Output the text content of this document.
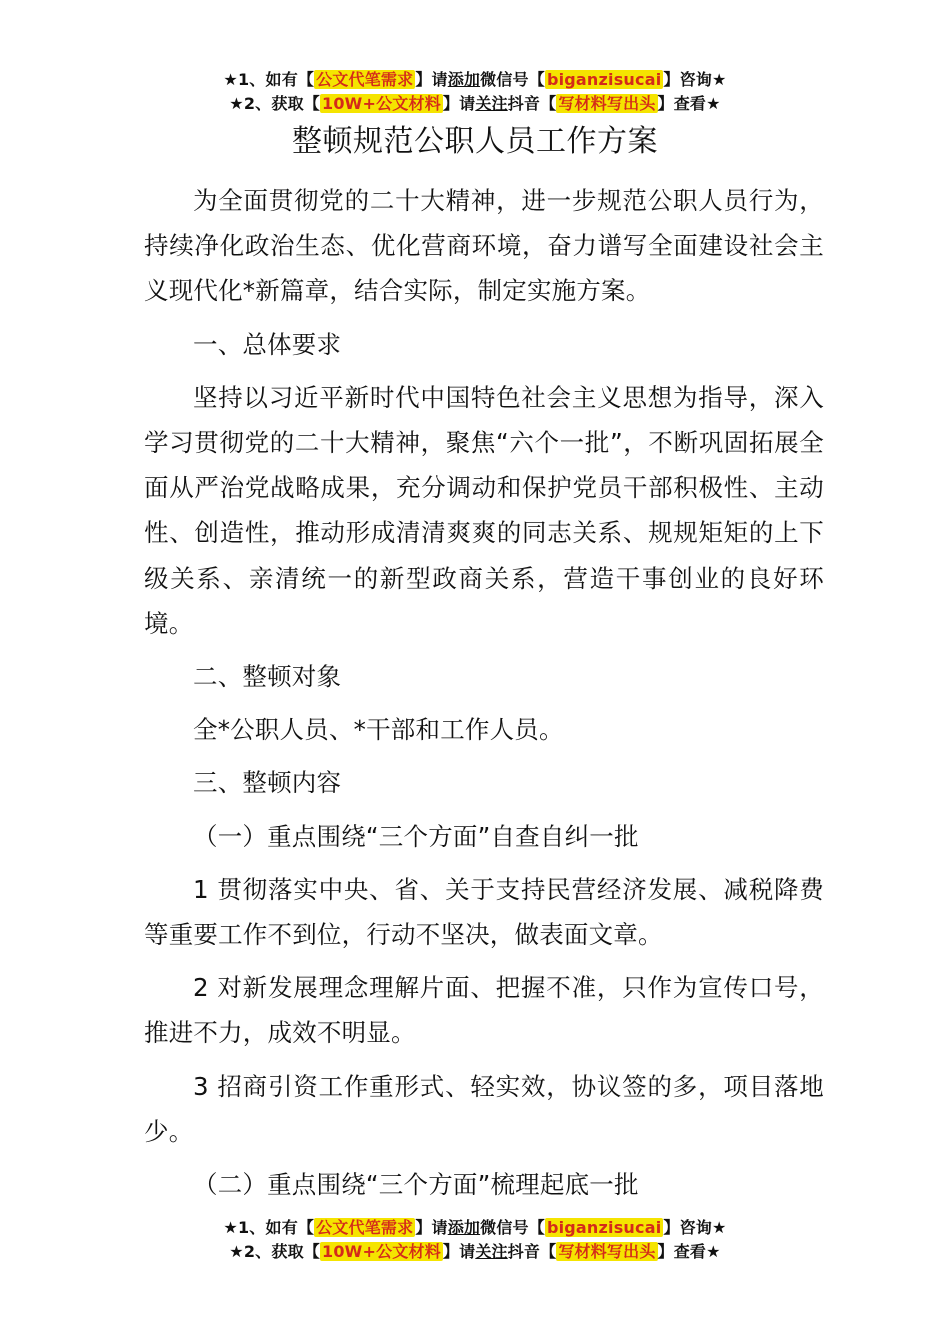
★1、如有【 公文代笔需求 】请添加微信号【 biganzisucai 】咨询★
★2、获取【 10W+公文材料 】请关注抖音【 写材料写出头 】查看★
整顿规范公职人员工作方案

为全面贯彻党的二十大精神，进一步规范公职人员行为，持续净化政治生态、优化营商环境，奋力谱写全面建设社会主义现代化*新篇章，结合实际，制定实施方案。

一、总体要求

坚持以习近平新时代中国特色社会主义思想为指导，深入学习贯彻党的二十大精神，聚焦“六个一批”，不断巩固拓展全面从严治党战略成果，充分调动和保护党员干部积极性、主动性、创造性，推动形成清清爽爽的同志关系、规规矩矩的上下级关系、亲清统一的新型政商关系，营造干事创业的良好环境。

二、整顿对象

全*公职人员、*干部和工作人员。

三、整顿内容

（一）重点围绕“三个方面”自查自纠一批

1 贯彻落实中央、省、关于支持民营经济发展、减税降费等重要工作不到位，行动不坚决，做表面文章。

2 对新发展理念理解片面、把握不准，只作为宣传口号，推进不力，成效不明显。

3 招商引资工作重形式、轻实效，协议签的多，项目落地少。

（二）重点围绕“三个方面”梳理起底一批

★1、如有【 公文代笔需求 】请添加微信号【 biganzisucai 】咨询★
★2、获取【 10W+公文材料 】请关注抖音【 写材料写出头 】查看★
